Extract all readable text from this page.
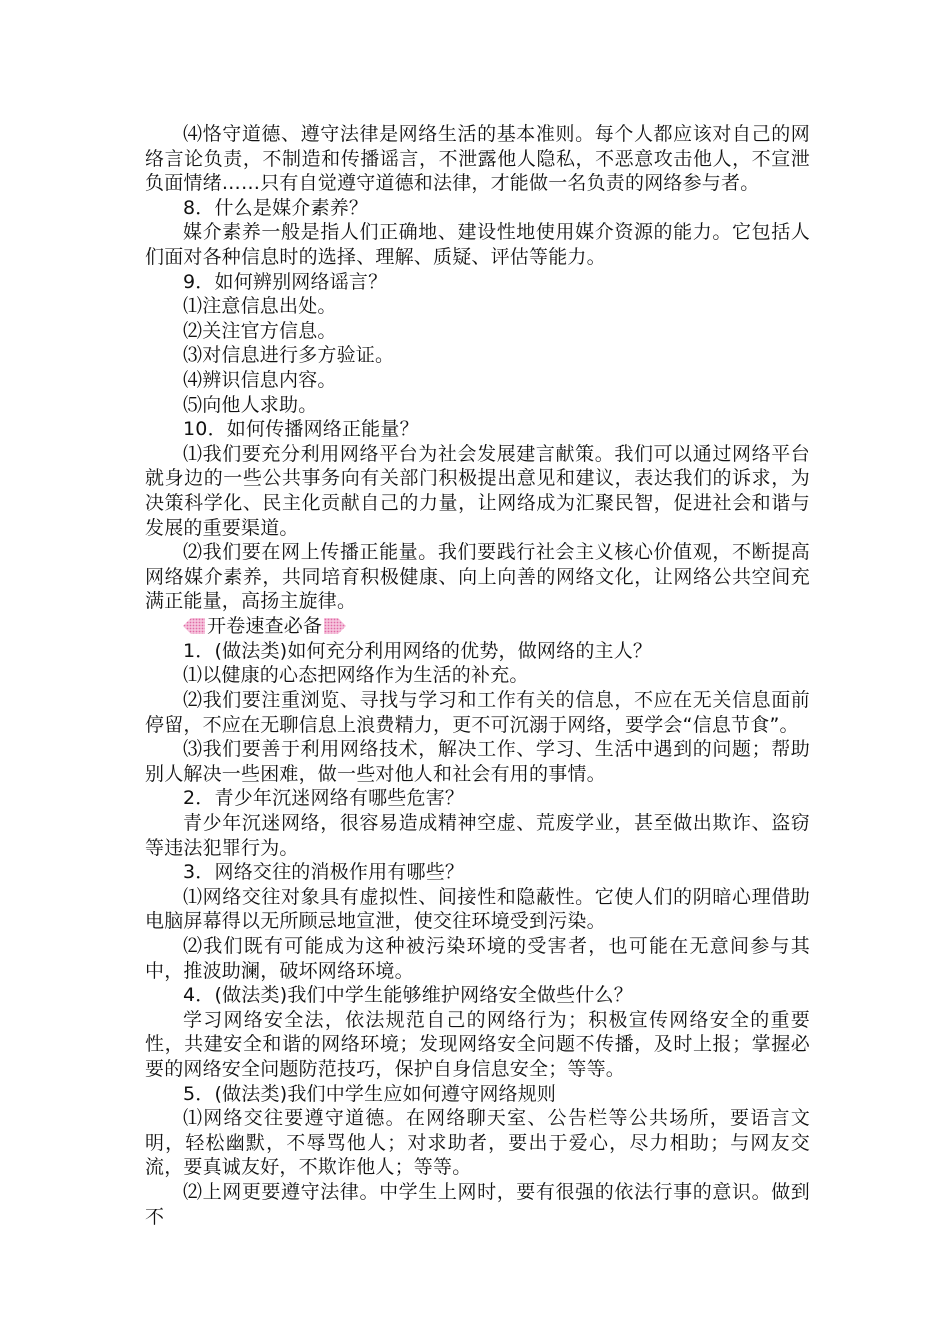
⑷恪守道德、遵守法律是网络生活的基本准则。每个人都应该对自己的网络言论负责，不制造和传播谣言，不泄露他人隐私，不恶意攻击他人，不宣泄负面情绪……只有自觉遵守道德和法律，才能做一名负责的网络参与者。

8．什么是媒介素养？

媒介素养一般是指人们正确地、建设性地使用媒介资源的能力。它包括人们面对各种信息时的选择、理解、质疑、评估等能力。

9．如何辨别网络谣言？

⑴注意信息出处。

⑵关注官方信息。

⑶对信息进行多方验证。

⑷辨识信息内容。

⑸向他人求助。

10．如何传播网络正能量？

⑴我们要充分利用网络平台为社会发展建言献策。我们可以通过网络平台就身边的一些公共事务向有关部门积极提出意见和建议，表达我们的诉求，为决策科学化、民主化贡献自己的力量，让网络成为汇聚民智，促进社会和谐与发展的重要渠道。

⑵我们要在网上传播正能量。我们要践行社会主义核心价值观，不断提高网络媒介素养，共同培育积极健康、向上向善的网络文化，让网络公共空间充满正能量，高扬主旋律。

开卷速查必备

1．(做法类)如何充分利用网络的优势，做网络的主人？

⑴以健康的心态把网络作为生活的补充。

⑵我们要注重浏览、寻找与学习和工作有关的信息，不应在无关信息面前停留，不应在无聊信息上浪费精力，更不可沉溺于网络，要学会“信息节食”。

⑶我们要善于利用网络技术，解决工作、学习、生活中遇到的问题；帮助别人解决一些困难，做一些对他人和社会有用的事情。

2．青少年沉迷网络有哪些危害？

青少年沉迷网络，很容易造成精神空虚、荒废学业，甚至做出欺诈、盗窃等违法犯罪行为。

3．网络交往的消极作用有哪些？

⑴网络交往对象具有虚拟性、间接性和隐蔽性。它使人们的阴暗心理借助电脑屏幕得以无所顾忌地宣泄，使交往环境受到污染。

⑵我们既有可能成为这种被污染环境的受害者，也可能在无意间参与其中，推波助澜，破坏网络环境。

4．(做法类)我们中学生能够维护网络安全做些什么？

学习网络安全法，依法规范自己的网络行为；积极宣传网络安全的重要性，共建安全和谐的网络环境；发现网络安全问题不传播，及时上报；掌握必要的网络安全问题防范技巧，保护自身信息安全；等等。

5．(做法类)我们中学生应如何遵守网络规则

⑴网络交往要遵守道德。在网络聊天室、公告栏等公共场所，要语言文明，轻松幽默，不辱骂他人；对求助者，要出于爱心，尽力相助；与网友交流，要真诚友好，不欺诈他人；等等。

⑵上网更要遵守法律。中学生上网时，要有很强的依法行事的意识。做到不
